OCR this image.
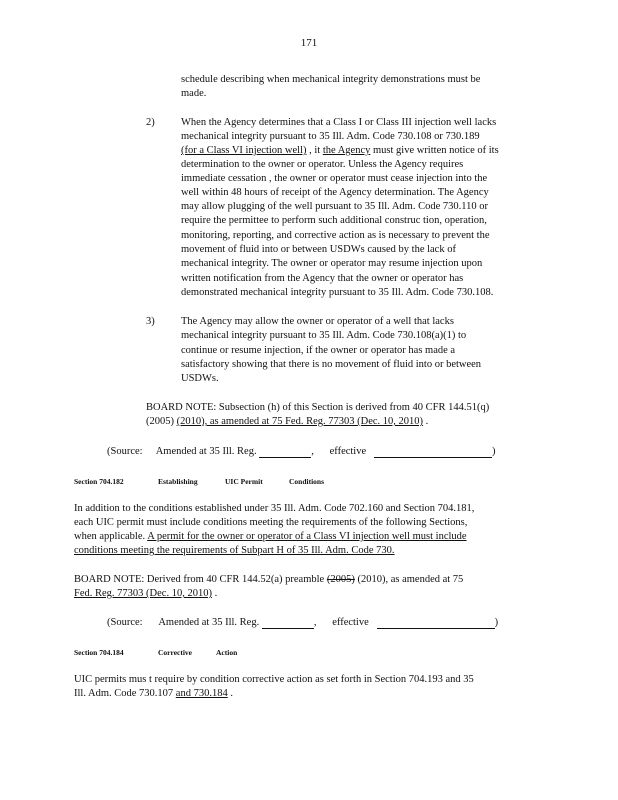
171
schedule describing when mechanical integrity demonstrations must be
made.
2)	When the Agency determines that a Class I or Class III injection well lacks
mechanical integrity pursuant to 35 Ill. Adm. Code 730.108 or 730.189
(for a Class VI injection well) , it the Agency must give written notice of its
determination to the owner or operator. Unless the Agency requires
immediate cessation , the owner or operator must cease injection into the
well within 48 hours of receipt of the Agency determination. The Agency
may allow plugging of the well pursuant to 35 Ill. Adm. Code 730.110 or
require the permittee to perform such additional construc tion, operation,
monitoring, reporting, and corrective action as is necessary to prevent the
movement of fluid into or between USDWs caused by the lack of
mechanical integrity. The owner or operator may resume injection upon
written notification from the Agency that the owner or operator has
demonstrated mechanical integrity pursuant to 35 Ill. Adm. Code 730.108.
3)	The Agency may allow the owner or operator of a well that lacks
mechanical integrity pursuant to 35 Ill. Adm. Code 730.108(a)(1) to
continue or resume injection, if the owner or operator has made a
satisfactory showing that there is no movement of fluid into or between
USDWs.
BOARD NOTE: Subsection (h) of this Section is derived from 40 CFR 144.51(q)
(2005) (2010), as amended at 75 Fed. Reg. 77303 (Dec. 10, 2010) .
(Source: Amended at 35 Ill. Reg.	, effective	)
Section 704.182	Establishing	UIC Permit	Conditions
In addition to the conditions established under 35 Ill. Adm. Code 702.160 and Section 704.181,
each UIC permit must include conditions meeting the requirements of the following Sections,
when applicable. A permit for the owner or operator of a Class VI injection well must include
conditions meeting the requirements of Subpart H of 35 Ill. Adm. Code 730.
BOARD NOTE: Derived from 40 CFR 144.52(a) preamble (2005) (2010), as amended at 75
Fed. Reg. 77303 (Dec. 10, 2010) .
(Source: Amended at 35 Ill. Reg.	, effective	)
Section 704.184	Corrective	Action
UIC permits mus t require by condition corrective action as set forth in Section 704.193 and 35
Ill. Adm. Code 730.107 and 730.184 .
